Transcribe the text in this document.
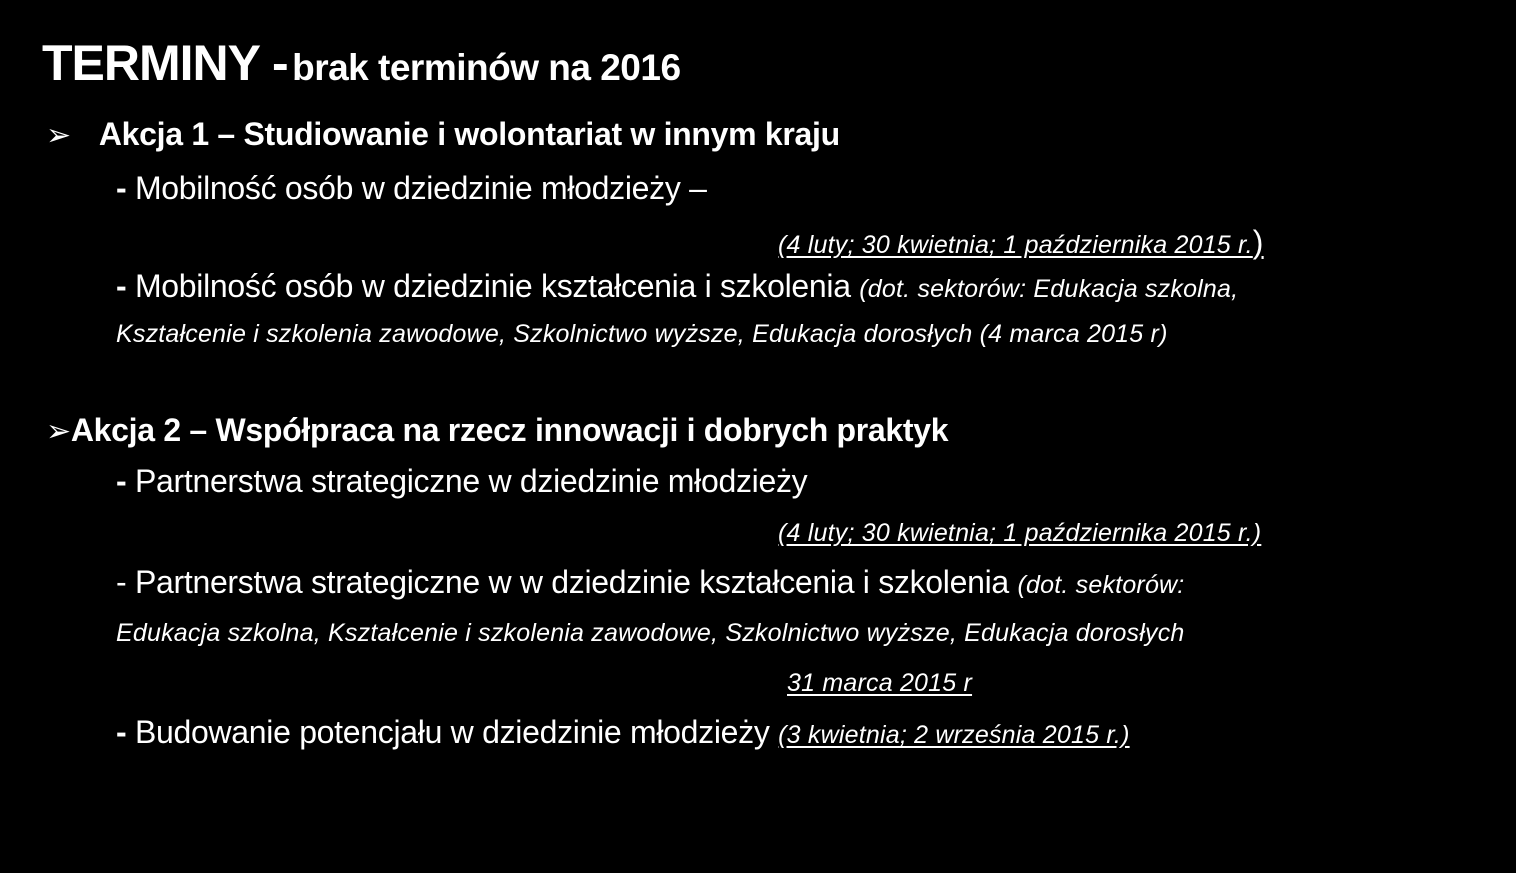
TERMINY - brak terminów na 2016
➢ Akcja 1 – Studiowanie i wolontariat w innym kraju
- Mobilność osób w dziedzinie młodzieży –
(4 luty; 30 kwietnia; 1 października 2015 r.)
- Mobilność osób w dziedzinie kształcenia i szkolenia (dot. sektorów: Edukacja szkolna,
Kształcenie i szkolenia zawodowe, Szkolnictwo wyższe, Edukacja dorosłych (4 marca 2015 r)
➢Akcja 2 – Współpraca na rzecz innowacji i dobrych praktyk
- Partnerstwa strategiczne w dziedzinie młodzieży
(4 luty; 30 kwietnia; 1 października 2015 r.)
- Partnerstwa strategiczne w w dziedzinie kształcenia i szkolenia (dot. sektorów:
Edukacja szkolna, Kształcenie i szkolenia zawodowe, Szkolnictwo wyższe, Edukacja dorosłych
31 marca 2015 r
- Budowanie potencjału w dziedzinie młodzieży (3 kwietnia; 2 września 2015 r.)
